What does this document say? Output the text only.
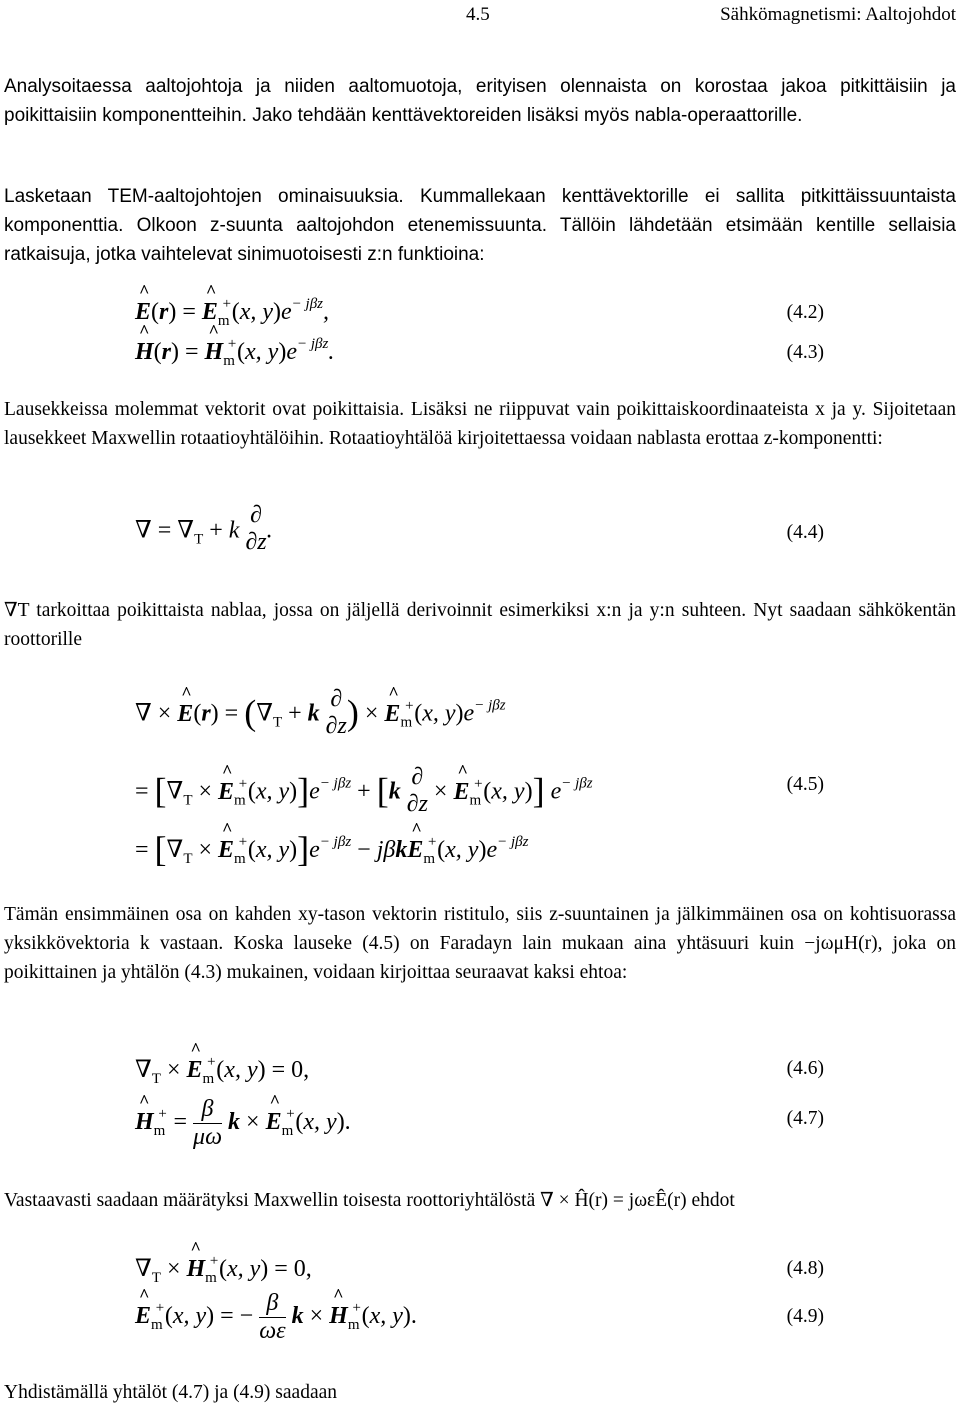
4.5	Sähkömagnetismi: Aaltojohdot
Analysoitaessa aaltojohtoja ja niiden aaltomuotoja, erityisen olennaista on korostaa jakoa pitkittäisiin ja poikittaisiin komponentteihin. Jako tehdään kenttävektoreiden lisäksi myös nabla-operaattorille.
Lasketaan TEM-aaltojohtojen ominaisuuksia. Kummallekaan kenttävektorille ei sallita pitkittäissuuntaista komponenttia. Olkoon z-suunta aaltojohdon etenemissuunta. Tällöin lähdetään etsimään kentille sellaisia ratkaisuja, jotka vaihtelevat sinimuotoisesti z:n funktioina:
^ E(r) = ^ $E_m^+(x$, $y)e^{- j\beta z}$,	(4.2)
^ H(r) = ^ $H_m^+(x$, $y)e^{- j\beta z}$.	(4.3)
Lausekkeissa molemmat vektorit ovat poikittaisia. Lisäksi ne riippuvat vain poikittaiskoordinaateista x ja y. Sijoitetaan lausekkeet Maxwellin rotaatioyhtälöihin. Rotaatioyhtälöä kirjoitettaessa voidaan nablasta erottaa z-komponentti:
∇ = $\nabla_T + k$
∂
∂z .	(4.4)
∇T tarkoittaa poikittaista nablaa, jossa on jäljellä derivoinnit esimerkiksi x:n ja y:n suhteen. Nyt saadaan sähkökentän roottorille
∇ × ^ $E(r) = (\nabla_T + k$
∂
∂z ) × ^ $E_m^+(x$, $y)e^{- j\beta z}$
= [$\nabla_T$ × ^ $E_m^+(x$, $y)]e^{- j\beta z} + [k$
∂
∂z × ^ $E_m^+(x$, y)] $e^{- j\beta z}$	(4.5)
= [$\nabla_T$ × ^ $E_m^+(x$, $y)]e^{- j\beta z}$ − jβk^ $E_m^+(x$, $y)e^{- j\beta z}$
Tämän ensimmäinen osa on kahden xy-tason vektorin ristitulo, siis z-suuntainen ja jälkimmäinen osa on kohtisuorassa yksikkövektoria k vastaan. Koska lauseke (4.5) on Faradayn lain mukaan aina yhtäsuuri kuin −jωμH(r), joka on poikittainen ja yhtälön (4.3) mukainen, voidaan kirjoittaa seuraavat kaksi ehtoa:
$\nabla_T$ × ^ $E_m^+(x$, y) = 0,	(4.6)
^ $H_m^+ = \frac{\beta}{\mu\omega}$ k × ^ $E_m^+(x$, y).	(4.7)
Vastaavasti saadaan määrätyksi Maxwellin toisesta roottoriyhtälöstä ∇ × Ĥ(r) = jωεÊ(r) ehdot
$\nabla_T$ × ^ $H_m^+(x$, y) = 0,	(4.8)
^ $E_m^+(x$, y) = − $\frac{\beta}{\omega\varepsilon}$ k × ^ $H_m^+(x$, y).	(4.9)
Yhdistämällä yhtälöt (4.7) ja (4.9) saadaan
